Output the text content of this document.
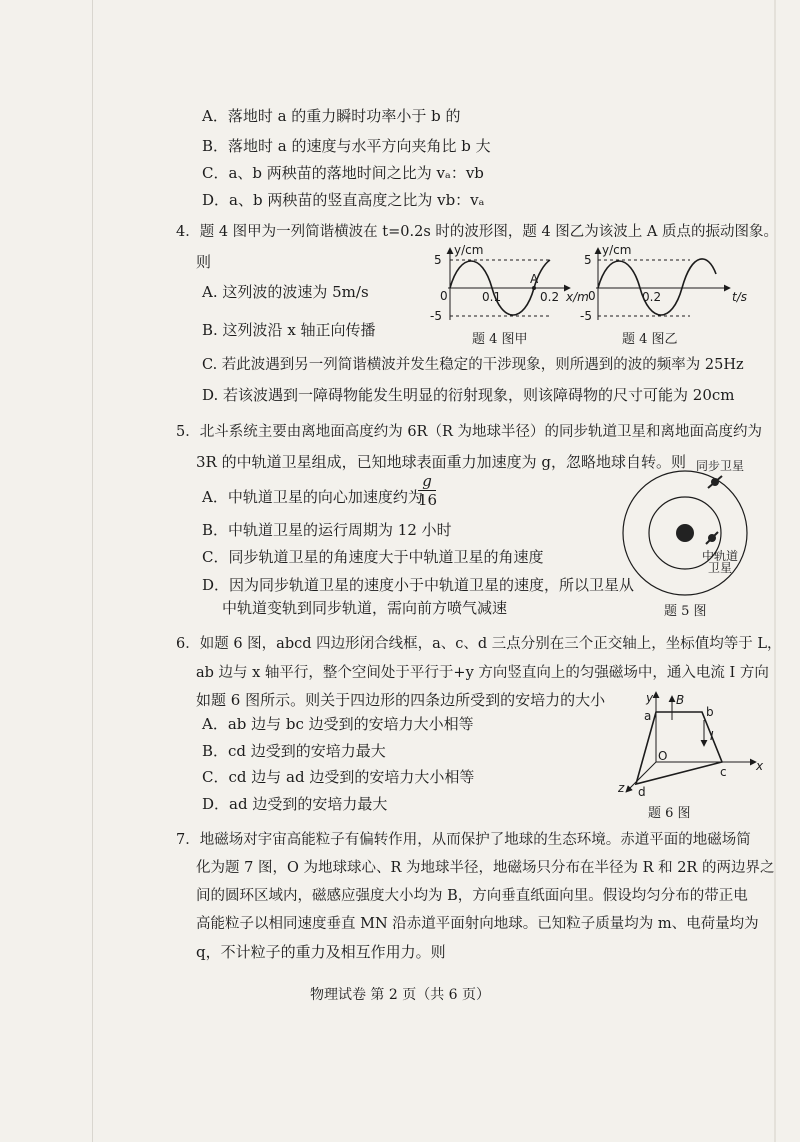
A．落地时 a 的重力瞬时功率小于 b 的
B．落地时 a 的速度与水平方向夹角比 b 大
C．a、b 两秧苗的落地时间之比为 vₐ：vb
D．a、b 两秧苗的竖直高度之比为 vb：vₐ
4．题 4 图甲为一列简谐横波在 t=0.2s 时的波形图，题 4 图乙为该波上 A 质点的振动图象。
则
A. 这列波的波速为 5m/s
B. 这列波沿 x 轴正向传播
C. 若此波遇到另一列简谐横波并发生稳定的干涉现象，则所遇到的波的频率为 25Hz
D. 若该波遇到一障碍物能发生明显的衍射现象，则该障碍物的尺寸可能为 20cm
y/cm
5
-5
0	0.1	0.2
A
x/m
题 4 图甲
y/cm
5
-5
0	0.2	t/s
题 4 图乙
5．北斗系统主要由离地面高度约为 6R（R 为地球半径）的同步轨道卫星和离地面高度约为
3R 的中轨道卫星组成，已知地球表面重力加速度为 g，忽略地球自转。则
A．中轨道卫星的向心加速度约为
$\frac{g}{16}$
B．中轨道卫星的运行周期为 12 小时
C．同步轨道卫星的角速度大于中轨道卫星的角速度
D．因为同步轨道卫星的速度小于中轨道卫星的速度，所以卫星从
中轨道变轨到同步轨道，需向前方喷气减速
同步卫星
中轨道
卫星
题 5 图
6．如题 6 图，abcd 四边形闭合线框，a、c、d 三点分别在三个正交轴上，坐标值均等于 L，
ab 边与 x 轴平行，整个空间处于平行于+y 方向竖直向上的匀强磁场中，通入电流 I 方向
如题 6 图所示。则关于四边形的四条边所受到的安培力的大小
A．ab 边与 bc 边受到的安培力大小相等
B．cd 边受到的安培力最大
C．cd 边与 ad 边受到的安培力大小相等
D．ad 边受到的安培力最大
y B
a	b
I
O
c x
d
z
题 6 图
7．地磁场对宇宙高能粒子有偏转作用，从而保护了地球的生态环境。赤道平面的地磁场简
化为题 7 图，O 为地球球心、R 为地球半径，地磁场只分布在半径为 R 和 2R 的两边界之
间的圆环区域内，磁感应强度大小均为 B，方向垂直纸面向里。假设均匀分布的带正电
高能粒子以相同速度垂直 MN 沿赤道平面射向地球。已知粒子质量均为 m、电荷量均为
q，不计粒子的重力及相互作用力。则
物理试卷 第 2 页（共 6 页）
